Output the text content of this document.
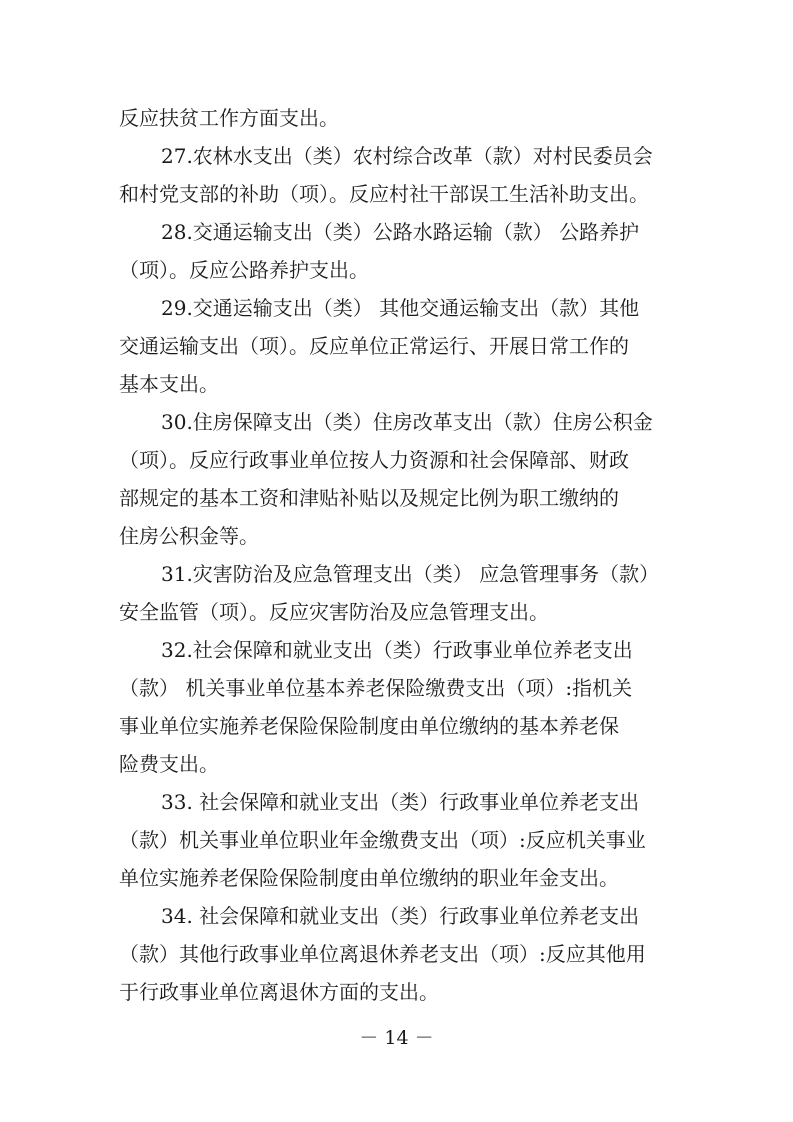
反应扶贫工作方面支出。
27.农林水支出（类）农村综合改革（款）对村民委员会
和村党支部的补助（项）。反应村社干部误工生活补助支出。
28.交通运输支出（类）公路水路运输（款） 公路养护
（项）。反应公路养护支出。
29.交通运输支出（类） 其他交通运输支出（款）其他
交通运输支出（项）。反应单位正常运行、开展日常工作的
基本支出。
30.住房保障支出（类）住房改革支出（款）住房公积金
（项）。反应行政事业单位按人力资源和社会保障部、财政
部规定的基本工资和津贴补贴以及规定比例为职工缴纳的
住房公积金等。
31.灾害防治及应急管理支出（类） 应急管理事务（款）
安全监管（项）。反应灾害防治及应急管理支出。
32.社会保障和就业支出（类）行政事业单位养老支出
（款） 机关事业单位基本养老保险缴费支出（项）:指机关
事业单位实施养老保险保险制度由单位缴纳的基本养老保
险费支出。
33. 社会保障和就业支出（类）行政事业单位养老支出
（款）机关事业单位职业年金缴费支出（项）:反应机关事业
单位实施养老保险保险制度由单位缴纳的职业年金支出。
34. 社会保障和就业支出（类）行政事业单位养老支出
（款）其他行政事业单位离退休养老支出（项）:反应其他用
于行政事业单位离退休方面的支出。
－ 14 －
